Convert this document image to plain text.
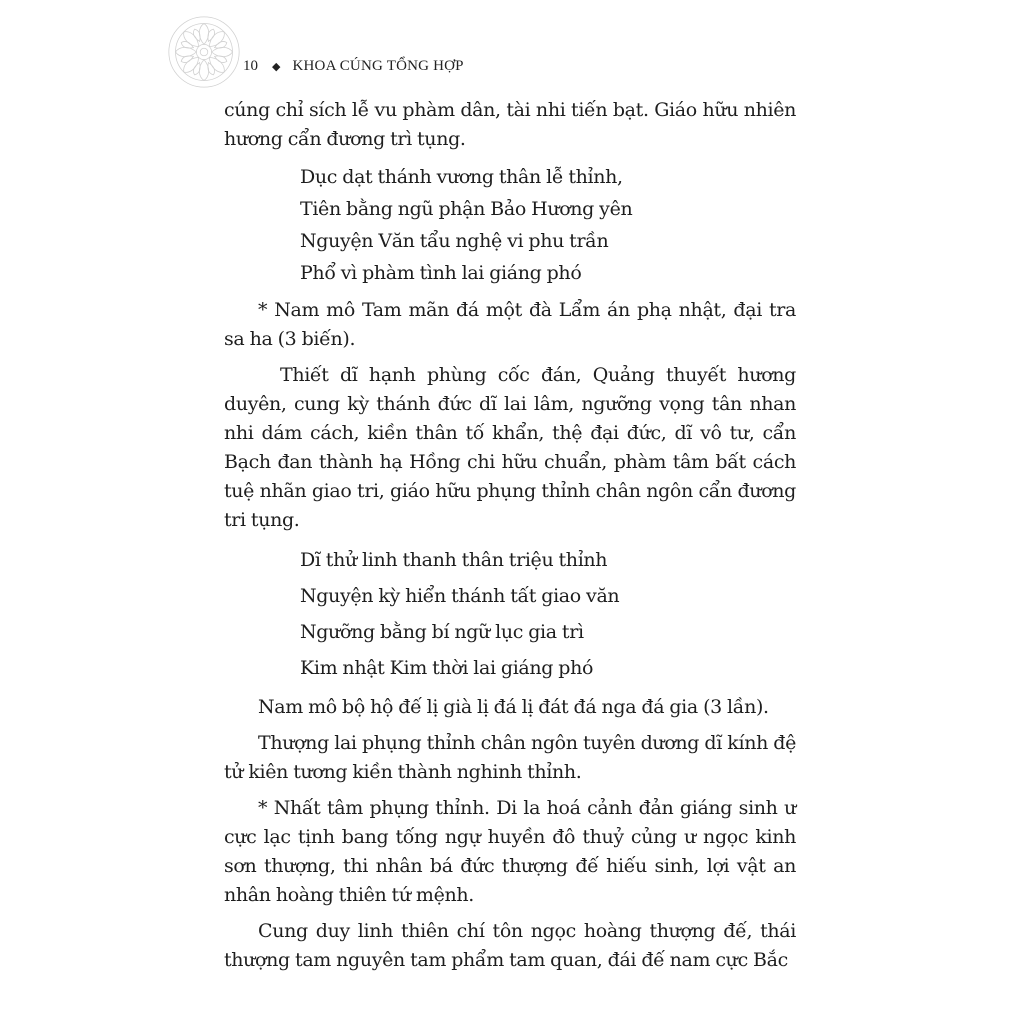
10 ◆ KHOA CÚNG TỔNG HỢP

cúng chỉ sích lễ vu phàm dân, tài nhi tiến bạt. Giáo hữu nhiên hương cẩn đương trì tụng.

Dục dạt thánh vương thân lễ thỉnh,
Tiên bằng ngũ phận Bảo Hương yên
Nguyện Văn tẩu nghệ vi phu trần
Phổ vì phàm tình lai giáng phó

* Nam mô Tam mãn đá một đà Lẩm án phạ nhật, đại tra sa ha (3 biến).

Thiết dĩ hạnh phùng cốc đán, Quảng thuyết hương duyên, cung kỳ thánh đức dĩ lai lâm, ngưỡng vọng tân nhan nhi dám cách, kiền thân tố khẩn, thệ đại đức, dĩ vô tư, cẩn Bạch đan thành hạ Hồng chi hữu chuẩn, phàm tâm bất cách tuệ nhãn giao tri, giáo hữu phụng thỉnh chân ngôn cẩn đương tri tụng.

Dĩ thử linh thanh thân triệu thỉnh
Nguyện kỳ hiển thánh tất giao văn
Ngưỡng bằng bí ngữ lục gia trì
Kim nhật Kim thời lai giáng phó

Nam mô bộ hộ đế lị già lị đá lị đát đá nga đá gia (3 lần).

Thượng lai phụng thỉnh chân ngôn tuyên dương dĩ kính đệ tử kiên tương kiền thành nghinh thỉnh.

* Nhất tâm phụng thỉnh. Di la hoá cảnh đản giáng sinh ư cực lạc tịnh bang tống ngự huyền đô thuỷ củng ư ngọc kinh sơn thượng, thi nhân bá đức thượng đế hiếu sinh, lợi vật an nhân hoàng thiên tứ mệnh.

Cung duy linh thiên chí tôn ngọc hoàng thượng đế, thái thượng tam nguyên tam phẩm tam quan, đái đế nam cực Bắc
